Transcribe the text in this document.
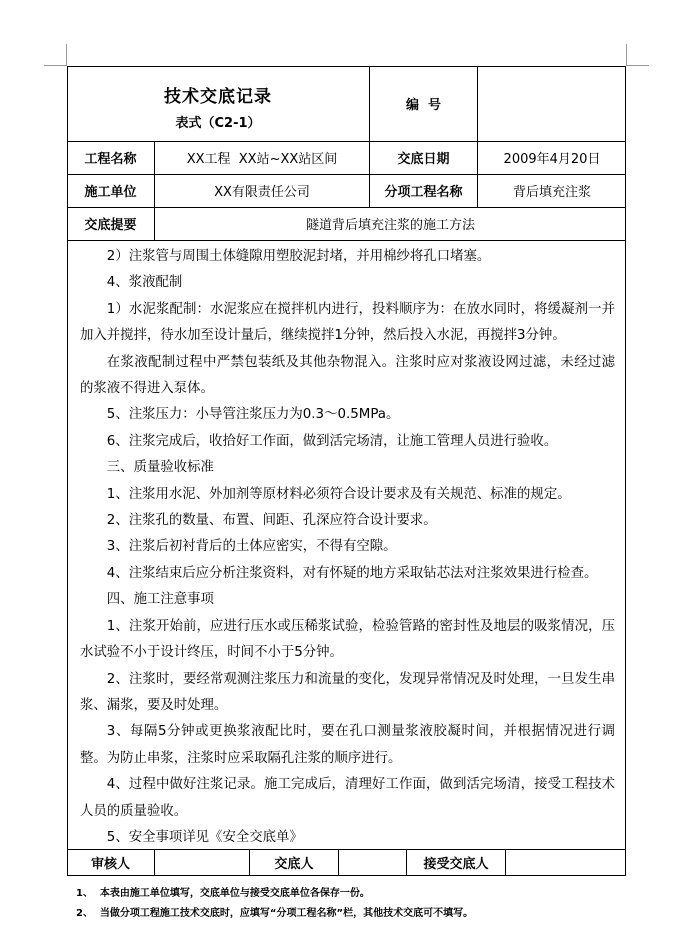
技术交底记录
表式（C2-1）
编  号
工程名称	XX工程  XX站~XX站区间	交底日期	2009年4月20日
施工单位	XX有限责任公司	分项工程名称	背后填充注浆
交底提要	隧道背后填充注浆的施工方法

2）注浆管与周围土体缝隙用塑胶泥封堵，并用棉纱将孔口堵塞。

4、浆液配制

1）水泥浆配制：水泥浆应在搅拌机内进行，投料顺序为：在放水同时，将缓凝剂一并加入并搅拌，待水加至设计量后，继续搅拌1分钟，然后投入水泥，再搅拌3分钟。

在浆液配制过程中严禁包装纸及其他杂物混入。注浆时应对浆液设网过滤，未经过滤的浆液不得进入泵体。

5、注浆压力：小导管注浆压力为0.3～0.5MPa。

6、注浆完成后，收拾好工作面，做到活完场清，让施工管理人员进行验收。

三、质量验收标准

1、注浆用水泥、外加剂等原材料必须符合设计要求及有关规范、标准的规定。

2、注浆孔的数量、布置、间距、孔深应符合设计要求。

3、注浆后初衬背后的土体应密实，不得有空隙。

4、注浆结束后应分析注浆资料，对有怀疑的地方采取钻芯法对注浆效果进行检查。

四、施工注意事项

1、注浆开始前，应进行压水或压稀浆试验，检验管路的密封性及地层的吸浆情况，压水试验不小于设计终压，时间不小于5分钟。

2、注浆时，要经常观测注浆压力和流量的变化，发现异常情况及时处理，一旦发生串浆、漏浆，要及时处理。

3、每隔5分钟或更换浆液配比时，要在孔口测量浆液胶凝时间，并根据情况进行调整。为防止串浆，注浆时应采取隔孔注浆的顺序进行。

4、过程中做好注浆记录。施工完成后，清理好工作面，做到活完场清，接受工程技术人员的质量验收。

5、安全事项详见《安全交底单》

审核人	交底人	接受交底人
1、  本表由施工单位填写，交底单位与接受交底单位各保存一份。
2、  当做分项工程施工技术交底时，应填写“分项工程名称”栏，其他技术交底可不填写。
